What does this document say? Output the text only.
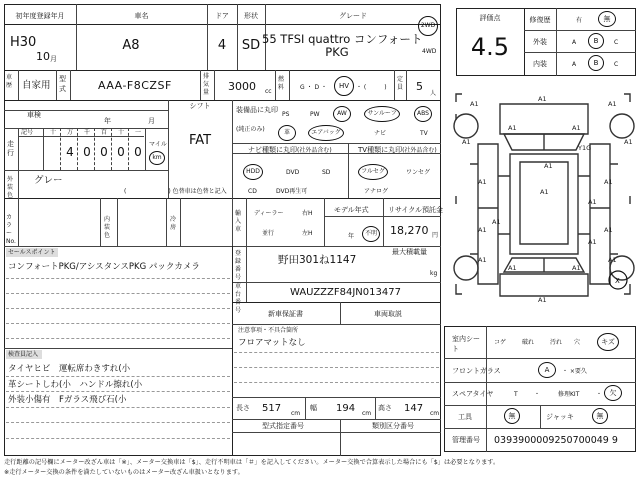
初年度登録年月
H30
10 月
車名
A8
ドア
4
形状
SD
グレード
55 TFSI quattro コンフォート
PKG
2WD
4WD
車歴 自家用
型式	AAA-F8CZSF
排気量 3000 cc
燃料	G ・ D ・	HV	・ (　　　)
定員 5
人
車検
年	月
シフト
FAT
走行
記号	十	万	千	百	十	一
4 0 0 0 0
マイル
km
装備品に丸印
(純正のみ)
PS	PW	AW	サンルーフ	ABS
革	エアバッグ	ナビ	TV
ナビ種類に丸印(社外品含む)	TV種類に丸印(社外品含む)
HDD	DVD	SD
CD	DVD再生可
フルセグ	ワンセグ
アナログ
外装色
グレー
(　　　　　　　) 色替車は色替と記入
カラーNo.
内装色
冷房
輸入車
ディーラー	右H
並行	左H
モデル年式
年	不明
リサイクル預託金
18,270 円
最大積載量
kg
登録番号
野田301ね1147
車台番号
WAUZZZF84JN013477
セールスポイント
コンフォートPKG/アシスタンスPKG パックカメラ
新車保証書	車両取説
注意事項・不具合箇所
フロアマットなし
検査員記入
タイヤヒビ　運転席わきすれ(小
革シートしわ(小　ハンドル擦れ(小
外装小傷有　Fガラス飛び石(小
長さ 517 cm
幅 194 cm
高さ 147 cm
型式指定番号	類別区分番号
評価点
4.5
修復歴	有	無
外装	A	B	C
内装	A	B	C
A1
A1	A1
A1	A1
A1	A1
A1	A1
A1
A1
A1
A1
Y1G
A1
A1
A1	A1
A1	A1
A1
A1
X
室内シート
コゲ	破れ	汚れ 穴	キズ
フロントガラス	A	・ ×要久
スペアタイヤ	T	・	修理KIT	・	欠
工具	無	ジャッキ	無
管理番号 0393900009250700049 9
走行距離の記号欄にメーター改ざん車は「※」、メーター交換車は「$」、走行不明車は「＃」を記入してください。メーター交換で合算表示した場合にも「$」は必要となります。
※走行メーター交換の条件を満たしていないものはメーター改ざん車扱いとなります。
